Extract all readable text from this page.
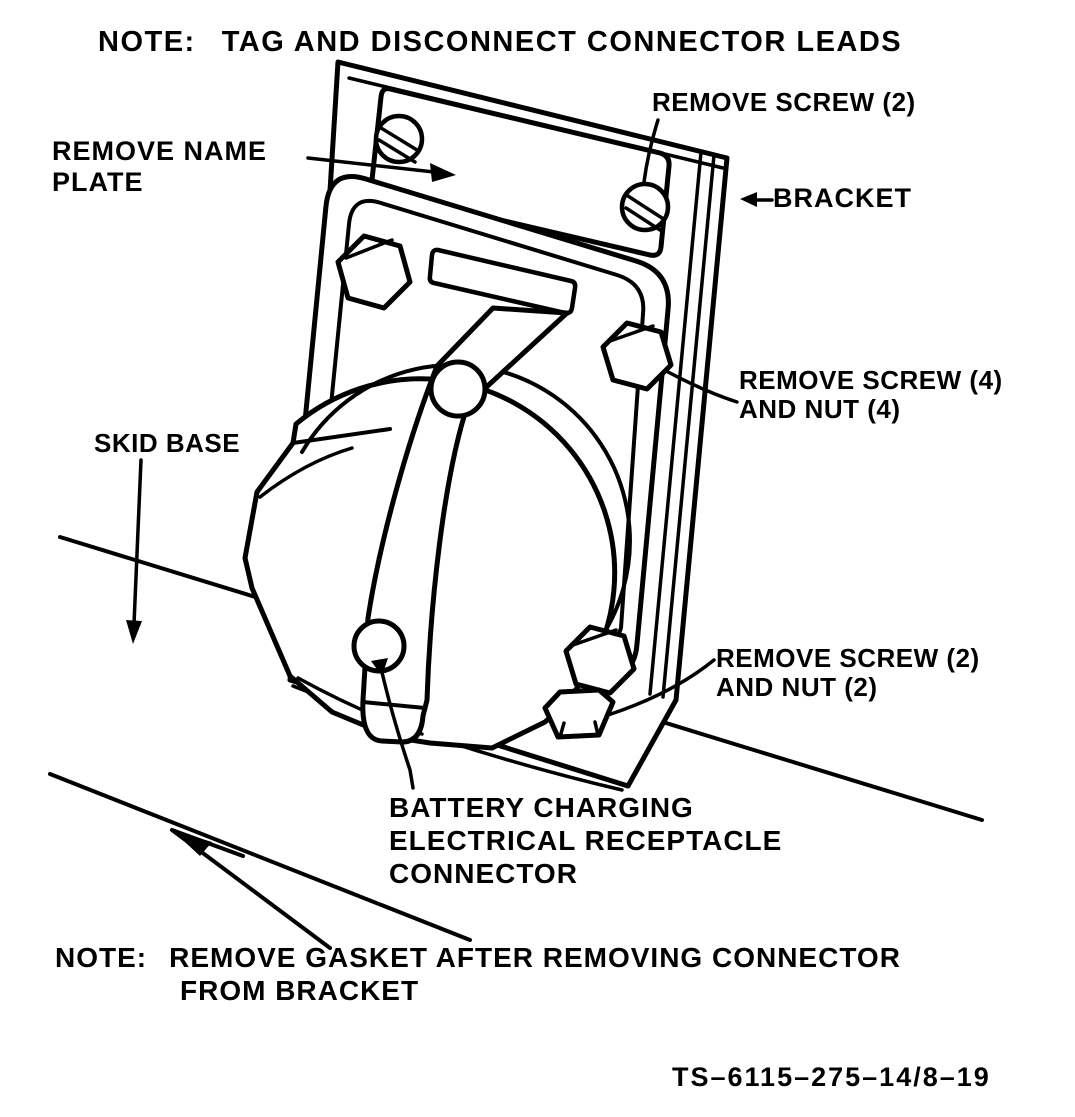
NOTE: TAG AND DISCONNECT CONNECTOR LEADS
REMOVE SCREW (2)
REMOVE NAME
PLATE
BRACKET
REMOVE SCREW (4)
AND NUT (4)
SKID BASE
REMOVE SCREW (2)
AND NUT (2)
BATTERY CHARGING
ELECTRICAL RECEPTACLE
CONNECTOR
NOTE: REMOVE GASKET AFTER REMOVING CONNECTOR
FROM BRACKET
TS–6115–275–14/8–19
